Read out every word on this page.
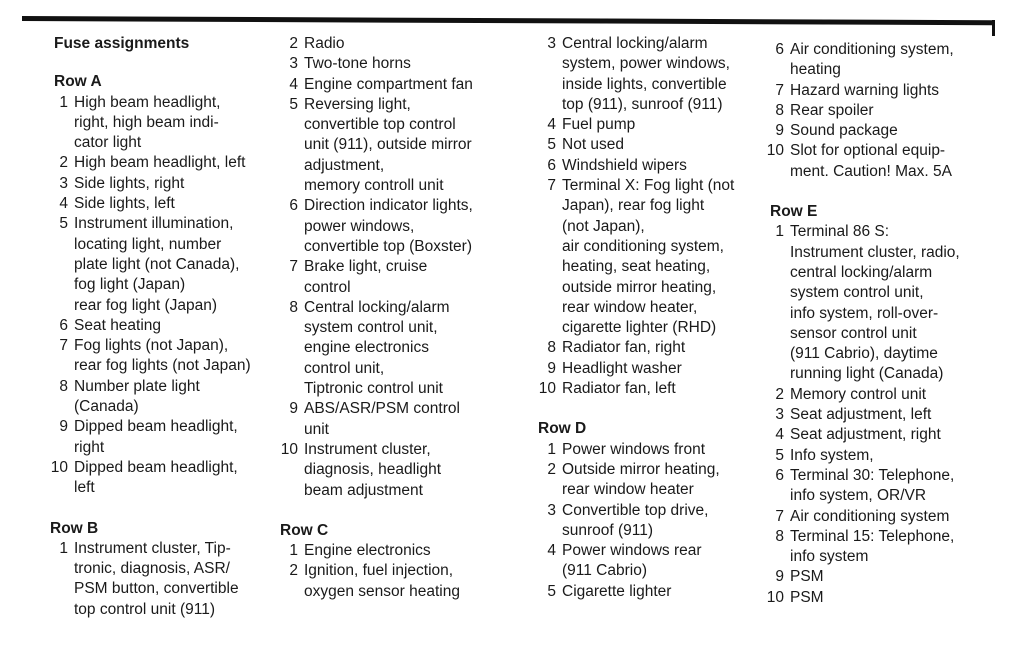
Fuse assignments
Row A
1 High beam headlight,
right, high beam indi-
cator light
2 High beam headlight, left
3 Side lights, right
4 Side lights, left
5 Instrument illumination,
locating light, number
plate light (not Canada),
fog light (Japan)
rear fog light (Japan)
6 Seat heating
7 Fog lights (not Japan),
rear fog lights (not Japan)
8 Number plate light
(Canada)
9 Dipped beam headlight,
right
10 Dipped beam headlight,
left
Row B
1 Instrument cluster, Tip-
tronic, diagnosis, ASR/
PSM button, convertible
top control unit (911)
2 Radio
3 Two-tone horns
4 Engine compartment fan
5 Reversing light,
convertible top control
unit (911), outside mirror
adjustment,
memory controll unit
6 Direction indicator lights,
power windows,
convertible top (Boxster)
7 Brake light, cruise
control
8 Central locking/alarm
system control unit,
engine electronics
control unit,
Tiptronic control unit
9 ABS/ASR/PSM control
unit
10 Instrument cluster,
diagnosis, headlight
beam adjustment
Row C
1 Engine electronics
2 Ignition, fuel injection,
oxygen sensor heating
3 Central locking/alarm
system, power windows,
inside lights, convertible
top (911), sunroof (911)
4 Fuel pump
5 Not used
6 Windshield wipers
7 Terminal X: Fog light (not
Japan), rear fog light
(not Japan),
air conditioning system,
heating, seat heating,
outside mirror heating,
rear window heater,
cigarette lighter (RHD)
8 Radiator fan, right
9 Headlight washer
10 Radiator fan, left
Row D
1 Power windows front
2 Outside mirror heating,
rear window heater
3 Convertible top drive,
sunroof (911)
4 Power windows rear
(911 Cabrio)
5 Cigarette lighter
6 Air conditioning system,
heating
7 Hazard warning lights
8 Rear spoiler
9 Sound package
10 Slot for optional equip-
ment. Caution! Max. 5A
Row E
1 Terminal 86 S:
Instrument cluster, radio,
central locking/alarm
system control unit,
info system, roll-over-
sensor control unit
(911 Cabrio), daytime
running light (Canada)
2 Memory control unit
3 Seat adjustment, left
4 Seat adjustment, right
5 Info system,
6 Terminal 30: Telephone,
info system, OR/VR
7 Air conditioning system
8 Terminal 15: Telephone,
info system
9 PSM
10 PSM
